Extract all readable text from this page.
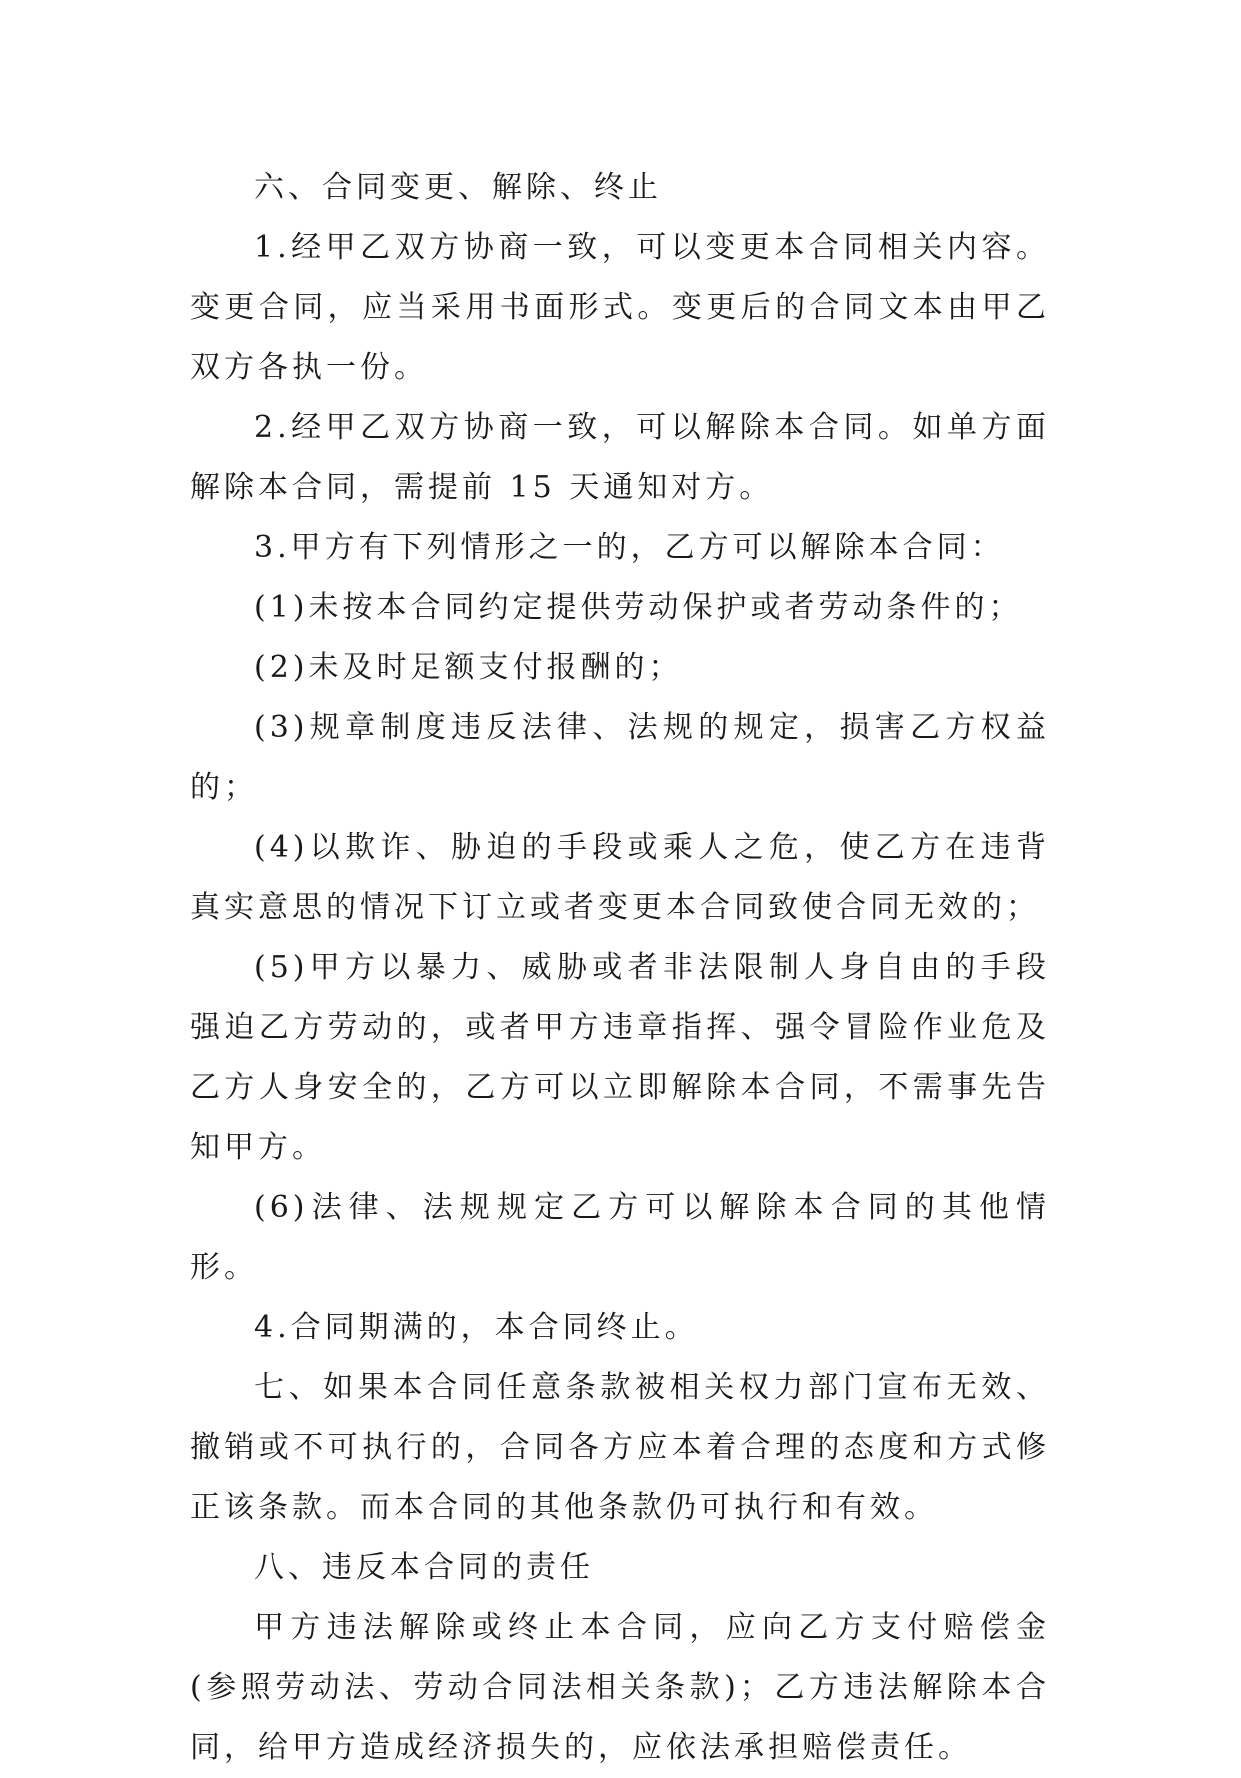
六、合同变更、解除、终止

1.经甲乙双方协商一致，可以变更本合同相关内容。变更合同，应当采用书面形式。变更后的合同文本由甲乙双方各执一份。

2.经甲乙双方协商一致，可以解除本合同。如单方面解除本合同，需提前 15 天通知对方。

3.甲方有下列情形之一的，乙方可以解除本合同：

(1)未按本合同约定提供劳动保护或者劳动条件的；

(2)未及时足额支付报酬的；

(3)规章制度违反法律、法规的规定，损害乙方权益的；

(4)以欺诈、胁迫的手段或乘人之危，使乙方在违背真实意思的情况下订立或者变更本合同致使合同无效的；

(5)甲方以暴力、威胁或者非法限制人身自由的手段强迫乙方劳动的，或者甲方违章指挥、强令冒险作业危及乙方人身安全的，乙方可以立即解除本合同，不需事先告知甲方。

(6)法律、法规规定乙方可以解除本合同的其他情形。

4.合同期满的，本合同终止。

七、如果本合同任意条款被相关权力部门宣布无效、撤销或不可执行的，合同各方应本着合理的态度和方式修正该条款。而本合同的其他条款仍可执行和有效。

八、违反本合同的责任

甲方违法解除或终止本合同，应向乙方支付赔偿金(参照劳动法、劳动合同法相关条款)；乙方违法解除本合同，给甲方造成经济损失的，应依法承担赔偿责任。
